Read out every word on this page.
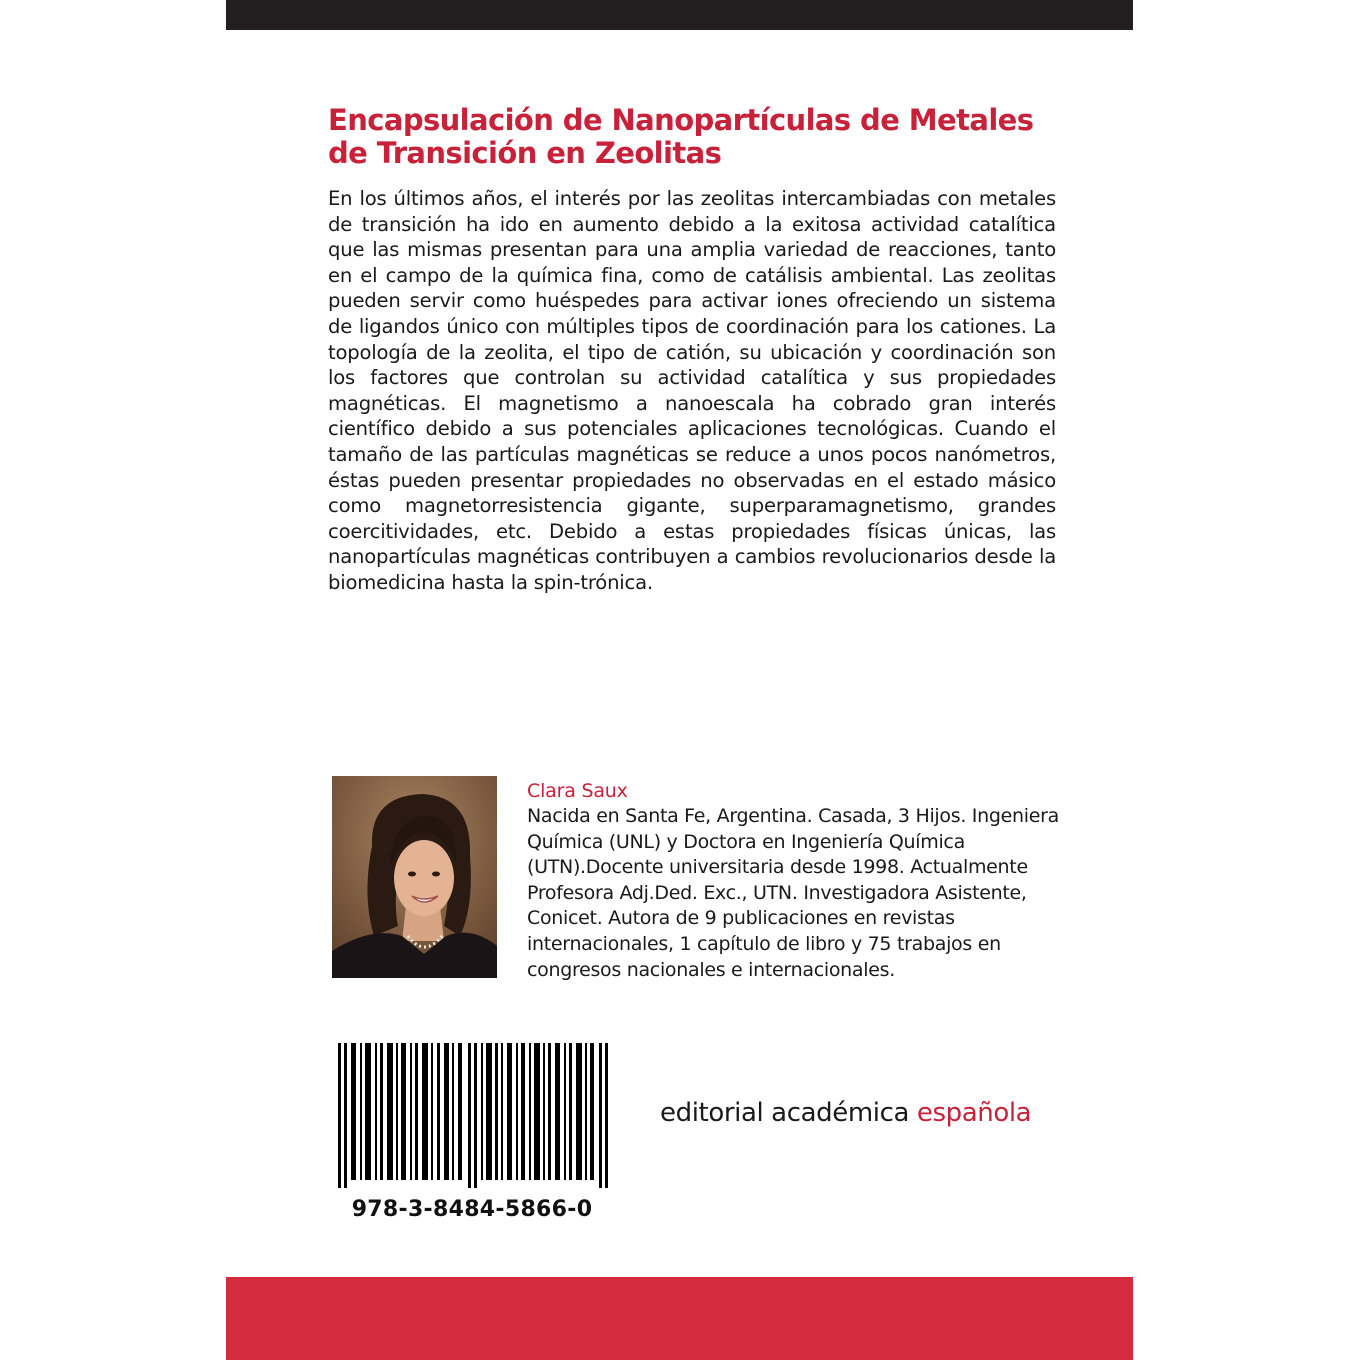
Encapsulación de Nanopartículas de Metales de Transición en Zeolitas

En los últimos años, el interés por las zeolitas intercambiadas con metales de transición ha ido en aumento debido a la exitosa actividad catalítica que las mismas presentan para una amplia variedad de reacciones, tanto en el campo de la química fina, como de catálisis ambiental. Las zeolitas pueden servir como huéspedes para activar iones ofreciendo un sistema de ligandos único con múltiples tipos de coordinación para los cationes. La topología de la zeolita, el tipo de catión, su ubicación y coordinación son los factores que controlan su actividad catalítica y sus propiedades magnéticas. El magnetismo a nanoescala ha cobrado gran interés científico debido a sus potenciales aplicaciones tecnológicas. Cuando el tamaño de las partículas magnéticas se reduce a unos pocos nanómetros, éstas pueden presentar propiedades no observadas en el estado másico como magnetorresistencia gigante, superparamagnetismo, grandes coercitividades, etc. Debido a estas propiedades físicas únicas, las nanopartículas magnéticas contribuyen a cambios revolucionarios desde la biomedicina hasta la spin-trónica.

Clara Saux

Nacida en Santa Fe, Argentina. Casada, 3 Hijos. Ingeniera Química (UNL) y Doctora en Ingeniería Química (UTN).Docente universitaria desde 1998. Actualmente Profesora Adj.Ded. Exc., UTN. Investigadora Asistente, Conicet. Autora de 9 publicaciones en revistas internacionales, 1 capítulo de libro y 75 trabajos en congresos nacionales e internacionales.

978-3-8484-5866-0
editorial académica española
